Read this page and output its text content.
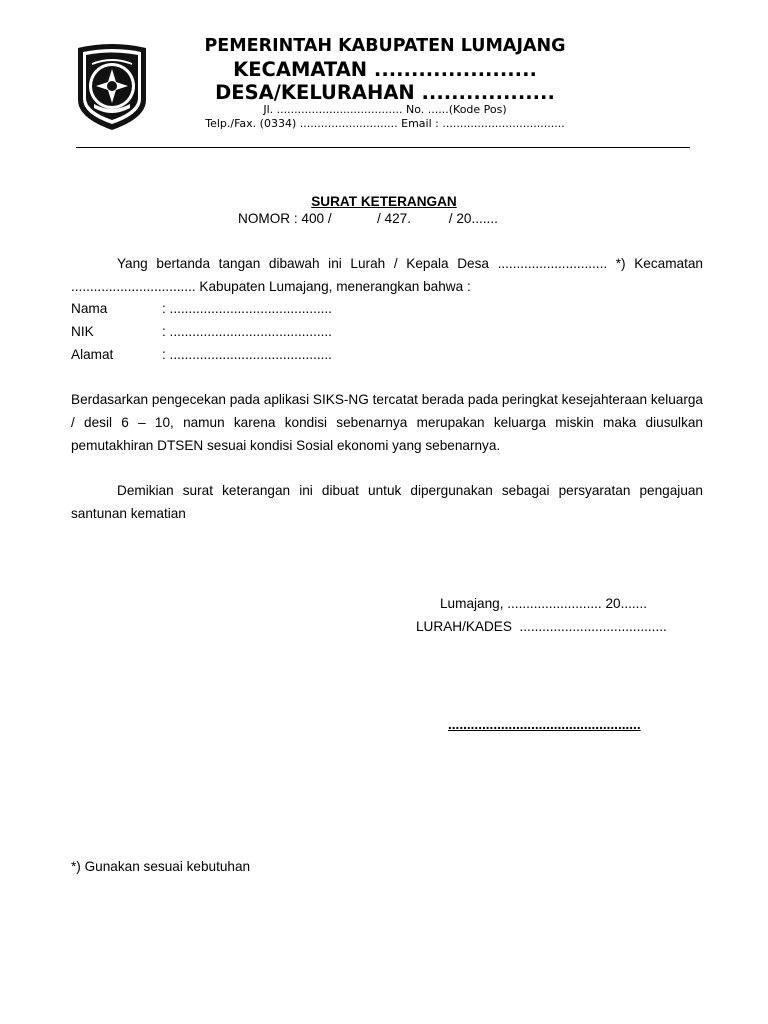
PEMERINTAH KABUPATEN LUMAJANG
KECAMATAN ......................
DESA/KELURAHAN ..................
Jl. .................................... No. ......(Kode Pos)
Telp./Fax. (0334) ............................ Email : ...................................
SURAT KETERANGAN
NOMOR : 400 /            / 427.          / 20.......
Yang bertanda tangan dibawah ini Lurah / Kepala Desa ............................. *) Kecamatan ................................. Kabupaten Lumajang, menerangkan bahwa :
Nama	: ...........................................
NIK	: ...........................................
Alamat	: ...........................................
Berdasarkan pengecekan pada aplikasi SIKS-NG tercatat berada pada peringkat kesejahteraan keluarga / desil 6 – 10, namun karena kondisi sebenarnya merupakan keluarga miskin maka diusulkan pemutakhiran DTSEN sesuai kondisi Sosial ekonomi yang sebenarnya.
Demikian surat keterangan ini dibuat untuk dipergunakan sebagai persyaratan pengajuan santunan kematian
Lumajang, ......................... 20.......
LURAH/KADES  .......................................
...................................................
*) Gunakan sesuai kebutuhan
